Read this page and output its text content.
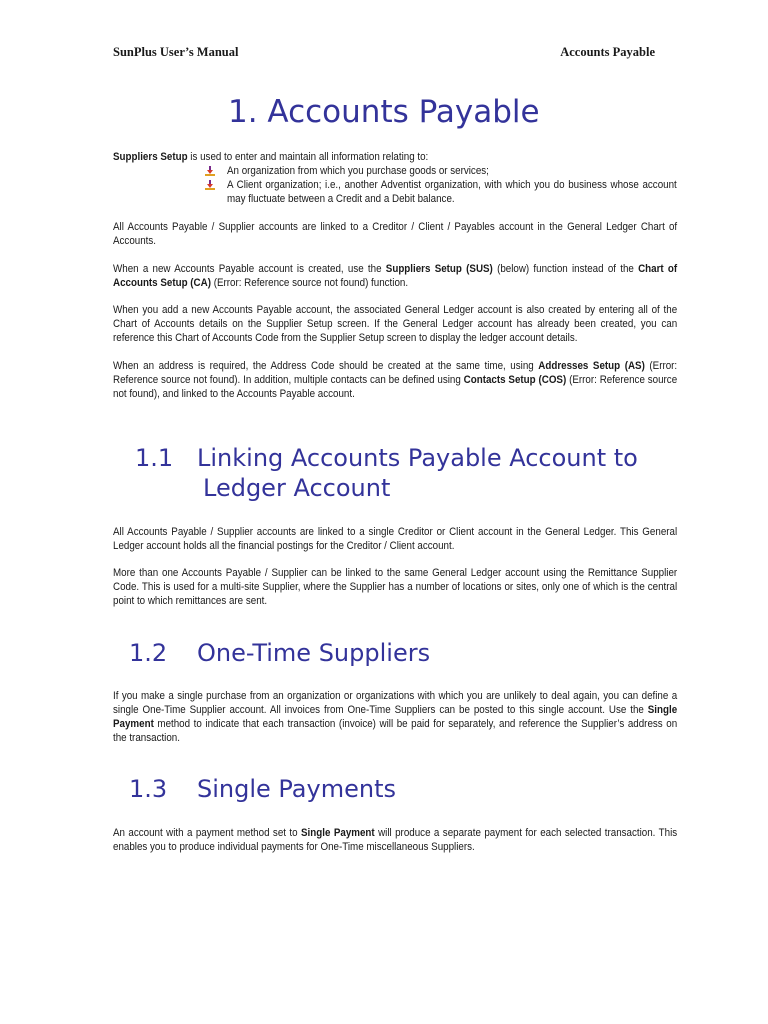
SunPlus User’s Manual	Accounts Payable
1. Accounts Payable

Suppliers Setup is used to enter and maintain all information relating to:

An organization from which you purchase goods or services;
A Client organization; i.e., another Adventist organization, with which you do business whose account may fluctuate between a Credit and a Debit balance.

All Accounts Payable / Supplier accounts are linked to a Creditor / Client / Payables account in the General Ledger Chart of Accounts.

When a new Accounts Payable account is created, use the Suppliers Setup (SUS) (below) function instead of the Chart of Accounts Setup (CA) (Error: Reference source not found) function.

When you add a new Accounts Payable account, the associated General Ledger account is also created by entering all of the Chart of Accounts details on the Supplier Setup screen. If the General Ledger account has already been created, you can reference this Chart of Accounts Code from the Supplier Setup screen to display the ledger account details.

When an address is required, the Address Code should be created at the same time, using Addresses Setup (AS) (Error: Reference source not found). In addition, multiple contacts can be defined using Contacts Setup (COS) (Error: Reference source not found), and linked to the Accounts Payable account.

1.1 Linking Accounts Payable Account to
Ledger Account

All Accounts Payable / Supplier accounts are linked to a single Creditor or Client account in the General Ledger. This General Ledger account holds all the financial postings for the Creditor / Client account.

More than one Accounts Payable / Supplier can be linked to the same General Ledger account using the Remittance Supplier Code. This is used for a multi-site Supplier, where the Supplier has a number of locations or sites, only one of which is the central point to which remittances are sent.

1.2 One-Time Suppliers

If you make a single purchase from an organization or organizations with which you are unlikely to deal again, you can define a single One-Time Supplier account. All invoices from One-Time Suppliers can be posted to this single account. Use the Single Payment method to indicate that each transaction (invoice) will be paid for separately, and reference the Supplier’s address on the transaction.

1.3 Single Payments

An account with a payment method set to Single Payment will produce a separate payment for each selected transaction. This enables you to produce individual payments for One-Time miscellaneous Suppliers.
